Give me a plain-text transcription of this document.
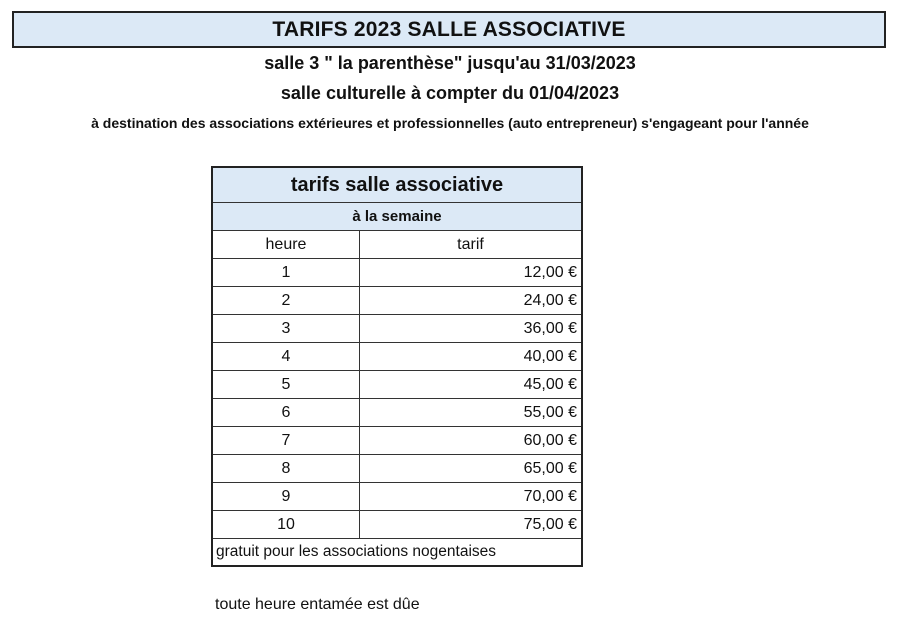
TARIFS 2023 SALLE ASSOCIATIVE
salle 3 " la parenthèse" jusqu'au 31/03/2023
salle culturelle à compter du 01/04/2023
à destination des associations extérieures et professionnelles (auto entrepreneur) s'engageant pour l'année
tarifs salle associative
à la semaine
heure	tarif
1	12,00 €
2	24,00 €
3	36,00 €
4	40,00 €
5	45,00 €
6	55,00 €
7	60,00 €
8	65,00 €
9	70,00 €
10	75,00 €
gratuit pour les associations nogentaises
toute heure entamée est dûe
